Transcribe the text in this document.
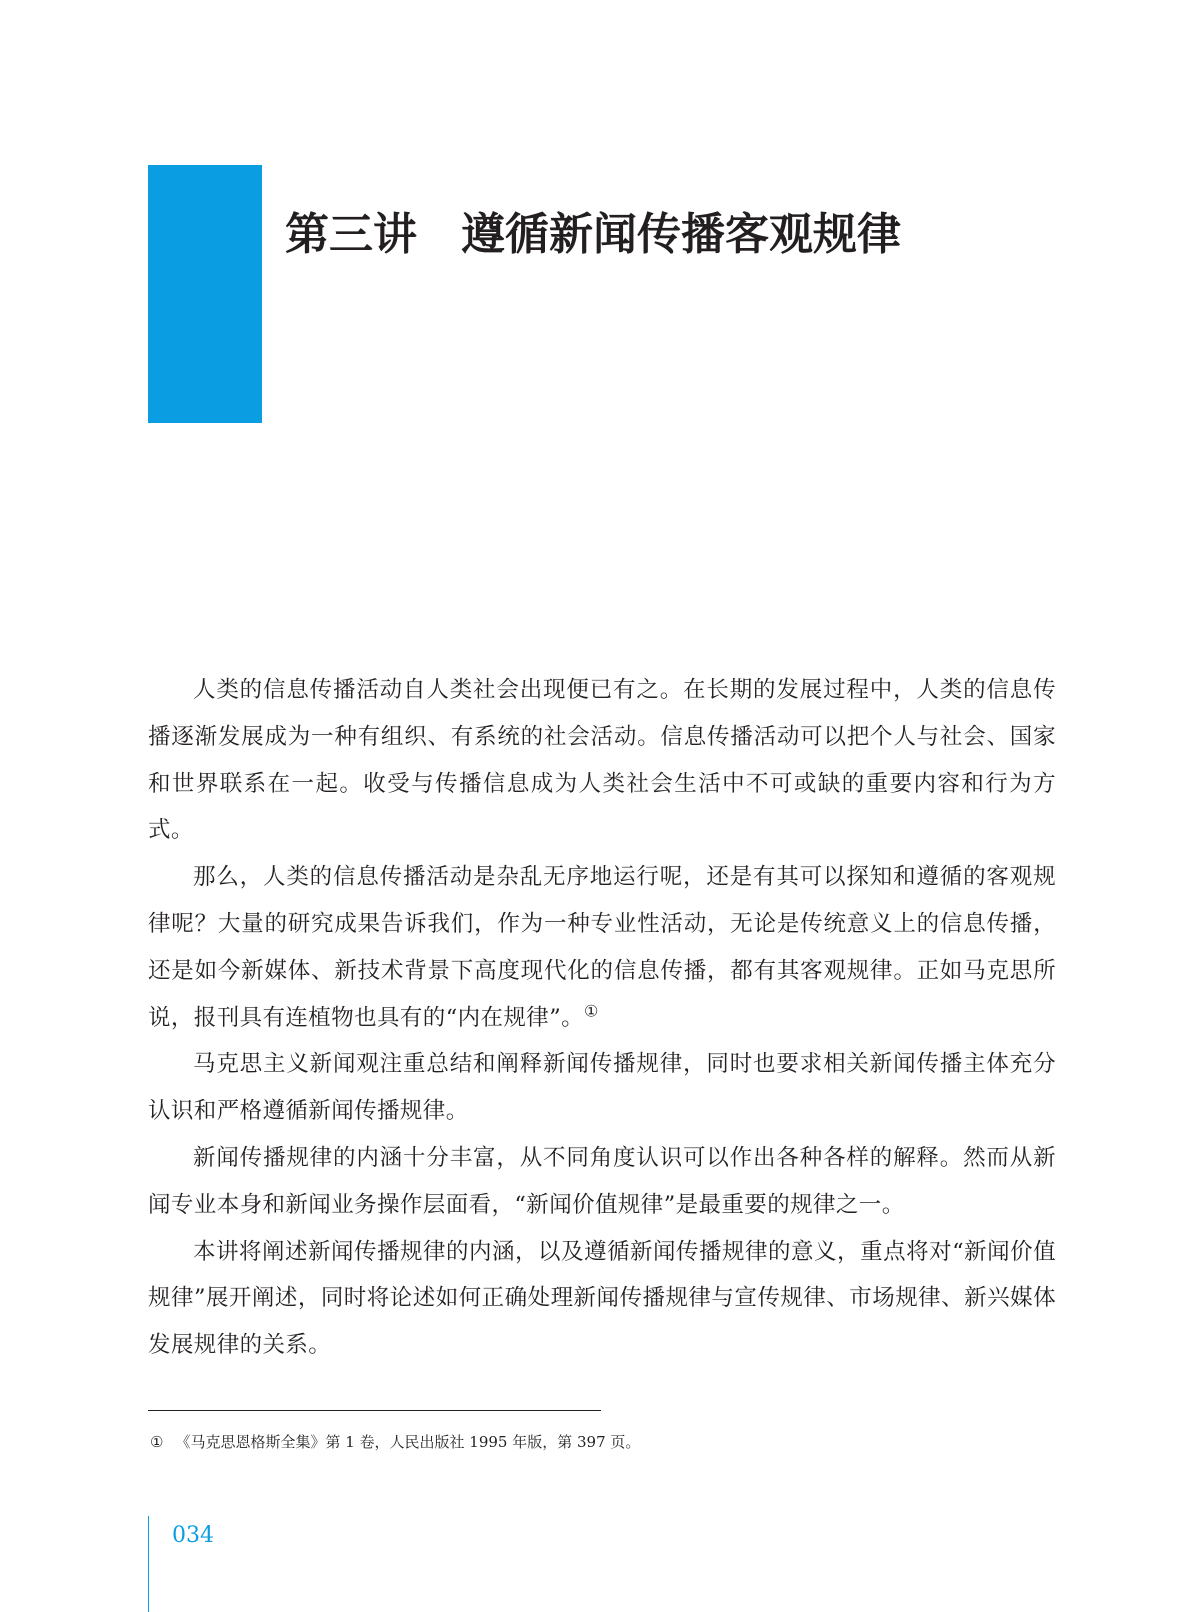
第三讲 遵循新闻传播客观规律

人类的信息传播活动自人类社会出现便已有之。在长期的发展过程中，人类的信息传播逐渐发展成为一种有组织、有系统的社会活动。信息传播活动可以把个人与社会、国家和世界联系在一起。收受与传播信息成为人类社会生活中不可或缺的重要内容和行为方式。

那么，人类的信息传播活动是杂乱无序地运行呢，还是有其可以探知和遵循的客观规律呢？大量的研究成果告诉我们，作为一种专业性活动，无论是传统意义上的信息传播，还是如今新媒体、新技术背景下高度现代化的信息传播，都有其客观规律。正如马克思所说，报刊具有连植物也具有的“内在规律”。①

马克思主义新闻观注重总结和阐释新闻传播规律，同时也要求相关新闻传播主体充分认识和严格遵循新闻传播规律。

新闻传播规律的内涵十分丰富，从不同角度认识可以作出各种各样的解释。然而从新闻专业本身和新闻业务操作层面看，“新闻价值规律”是最重要的规律之一。

本讲将阐述新闻传播规律的内涵，以及遵循新闻传播规律的意义，重点将对“新闻价值规律”展开阐述，同时将论述如何正确处理新闻传播规律与宣传规律、市场规律、新兴媒体发展规律的关系。

① 《马克思恩格斯全集》第 1 卷，人民出版社 1995 年版，第 397 页。
034
